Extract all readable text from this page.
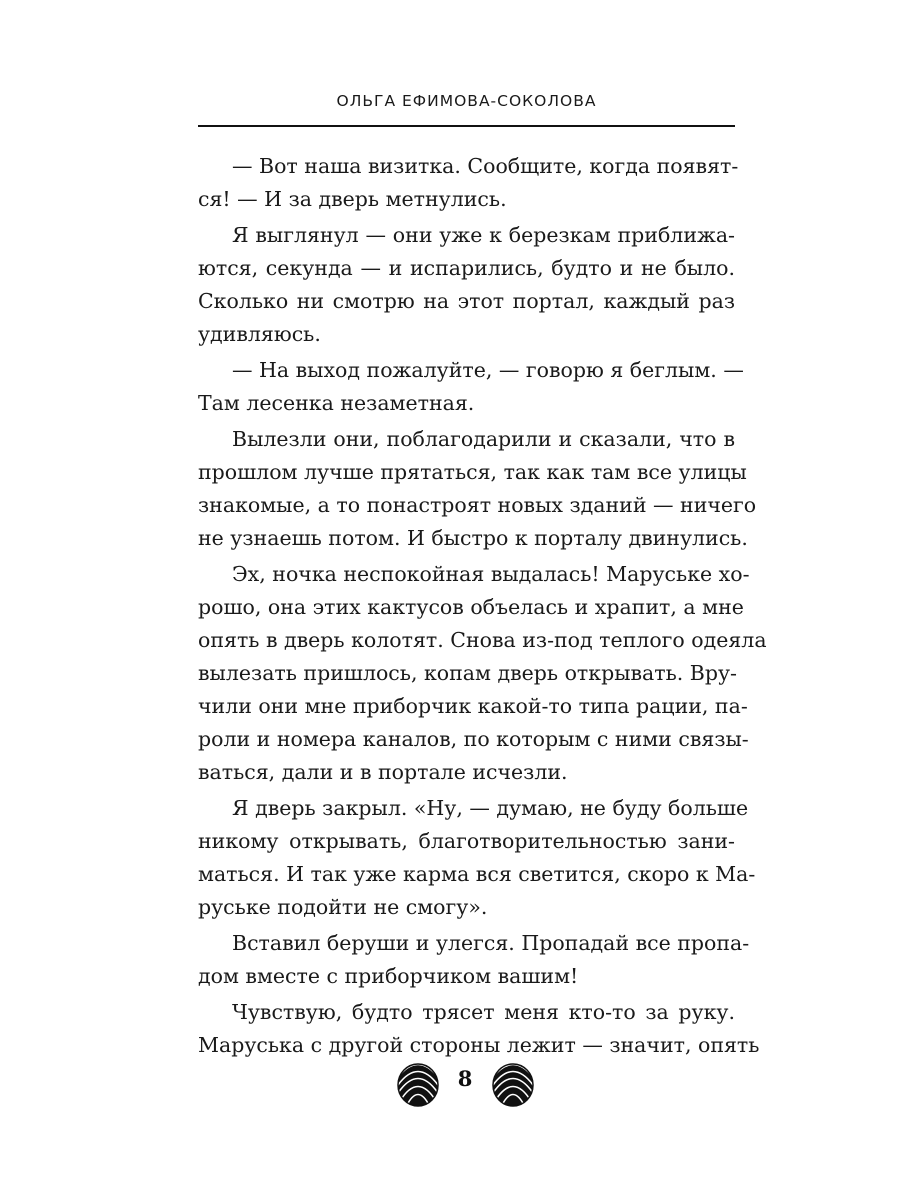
ОЛЬГА ЕФИМОВА-СОКОЛОВА
— Вот наша визитка. Сообщите, когда появят-
ся! — И за дверь метнулись.
Я выглянул — они уже к березкам приближа-
ются, секунда — и испарились, будто и не было.
Сколько ни смотрю на этот портал, каждый раз
удивляюсь.
— На выход пожалуйте, — говорю я беглым. —
Там лесенка незаметная.
Вылезли они, поблагодарили и сказали, что в
прошлом лучше прятаться, так как там все улицы
знакомые, а то понастроят новых зданий — ничего
не узнаешь потом. И быстро к порталу двинулись.
Эх, ночка неспокойная выдалась! Маруське хо-
рошо, она этих кактусов объелась и храпит, а мне
опять в дверь колотят. Снова из-под теплого одеяла
вылезать пришлось, копам дверь открывать. Вру-
чили они мне приборчик какой-то типа рации, па-
роли и номера каналов, по которым с ними связы-
ваться, дали и в портале исчезли.
Я дверь закрыл. «Ну, — думаю, не буду больше
никому открывать, благотворительностью зани-
маться. И так уже карма вся светится, скоро к Ма-
руське подойти не смогу».
Вставил беруши и улегся. Пропадай все пропа-
дом вместе с приборчиком вашим!
Чувствую, будто трясет меня кто-то за руку.
Маруська с другой стороны лежит — значит, опять
8
